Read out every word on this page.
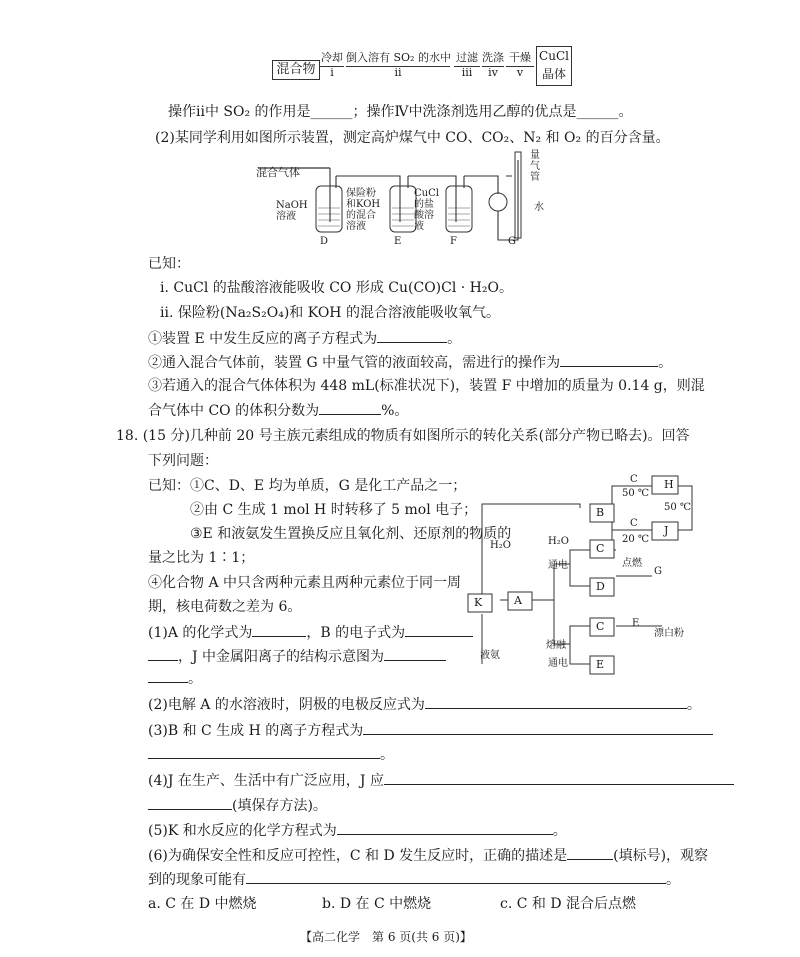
混合物
冷却
ⅰ
倒入溶有 SO₂ 的水中
ⅱ
过滤
ⅲ
洗涤
ⅳ
干燥
ⅴ
CuCl
晶体
操作ⅱ中 SO₂ 的作用是______；操作Ⅳ中洗涤剂选用乙醇的优点是______。
(2)某同学利用如图所示装置，测定高炉煤气中 CO、CO₂、N₂ 和 O₂ 的百分含量。
混合气体
NaOH
溶液
保险粉
和KOH
的混合
溶液
CuCl
的盐
酸溶
液
量
气
管
水
D	E	F	G
已知：
ⅰ. CuCl 的盐酸溶液能吸收 CO 形成 Cu(CO)Cl · H₂O。
ⅱ. 保险粉(Na₂S₂O₄)和 KOH 的混合溶液能吸收氧气。
①装置 E 中发生反应的离子方程式为	。
②通入混合气体前，装置 G 中量气管的液面较高，需进行的操作为	。
③若通入的混合气体体积为 448 mL(标准状况下)，装置 F 中增加的质量为 0.14 g，则混
合气体中 CO 的体积分数为	%。
18. (15 分)几种前 20 号主族元素组成的物质有如图所示的转化关系(部分产物已略去)。回答
下列问题：
已知：①C、D、E 均为单质，G 是化工产品之一；
②由 C 生成 1 mol H 时转移了 5 mol 电子；
③E 和液氨发生置换反应且氧化剂、还原剂的物质的
量之比为 1∶1；
④化合物 A 中只含两种元素且两种元素位于同一周
期，核电荷数之差为 6。
(1)A 的化学式为	，B 的电子式为
，J 中金属阳离子的结构示意图为
。
K	A
B
C
D
C
E
H
J
H₂O	H₂O
通电
C
50 ℃
C
20 ℃
50 ℃
点燃
G
E
漂白粉
熔融
通电
液氨
(2)电解 A 的水溶液时，阴极的电极反应式为	。
(3)B 和 C 生成 H 的离子方程式为
。
(4)J 在生产、生活中有广泛应用，J 应
(填保存方法)。
(5)K 和水反应的化学方程式为	。
(6)为确保安全性和反应可控性，C 和 D 发生反应时，正确的描述是	(填标号)，观察
到的现象可能有	。
a. C 在 D 中燃烧	b. D 在 C 中燃烧	c. C 和 D 混合后点燃
【高二化学　第 6 页(共 6 页)】
